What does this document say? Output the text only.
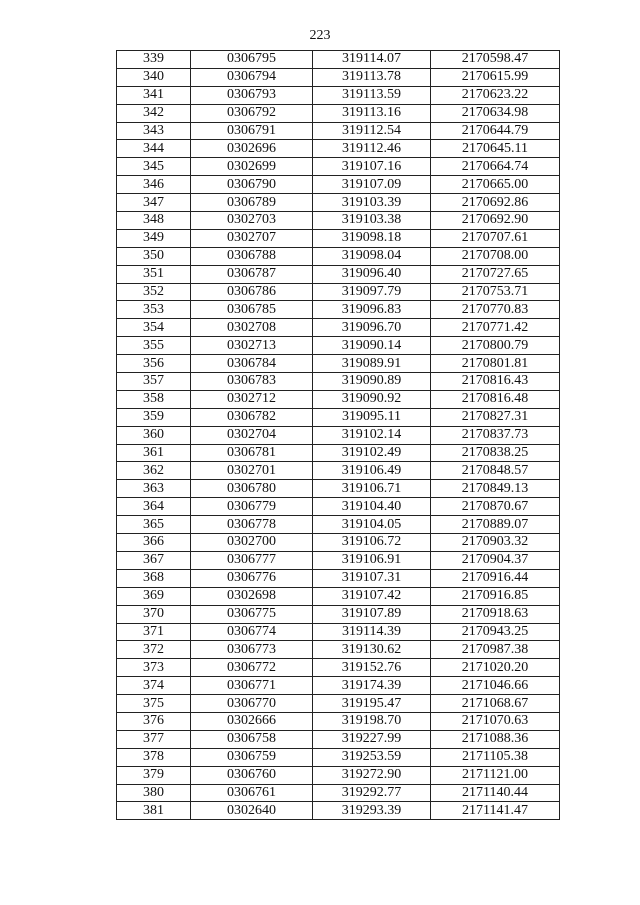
223
339	0306795	319114.07	2170598.47
340	0306794	319113.78	2170615.99
341	0306793	319113.59	2170623.22
342	0306792	319113.16	2170634.98
343	0306791	319112.54	2170644.79
344	0302696	319112.46	2170645.11
345	0302699	319107.16	2170664.74
346	0306790	319107.09	2170665.00
347	0306789	319103.39	2170692.86
348	0302703	319103.38	2170692.90
349	0302707	319098.18	2170707.61
350	0306788	319098.04	2170708.00
351	0306787	319096.40	2170727.65
352	0306786	319097.79	2170753.71
353	0306785	319096.83	2170770.83
354	0302708	319096.70	2170771.42
355	0302713	319090.14	2170800.79
356	0306784	319089.91	2170801.81
357	0306783	319090.89	2170816.43
358	0302712	319090.92	2170816.48
359	0306782	319095.11	2170827.31
360	0302704	319102.14	2170837.73
361	0306781	319102.49	2170838.25
362	0302701	319106.49	2170848.57
363	0306780	319106.71	2170849.13
364	0306779	319104.40	2170870.67
365	0306778	319104.05	2170889.07
366	0302700	319106.72	2170903.32
367	0306777	319106.91	2170904.37
368	0306776	319107.31	2170916.44
369	0302698	319107.42	2170916.85
370	0306775	319107.89	2170918.63
371	0306774	319114.39	2170943.25
372	0306773	319130.62	2170987.38
373	0306772	319152.76	2171020.20
374	0306771	319174.39	2171046.66
375	0306770	319195.47	2171068.67
376	0302666	319198.70	2171070.63
377	0306758	319227.99	2171088.36
378	0306759	319253.59	2171105.38
379	0306760	319272.90	2171121.00
380	0306761	319292.77	2171140.44
381	0302640	319293.39	2171141.47
